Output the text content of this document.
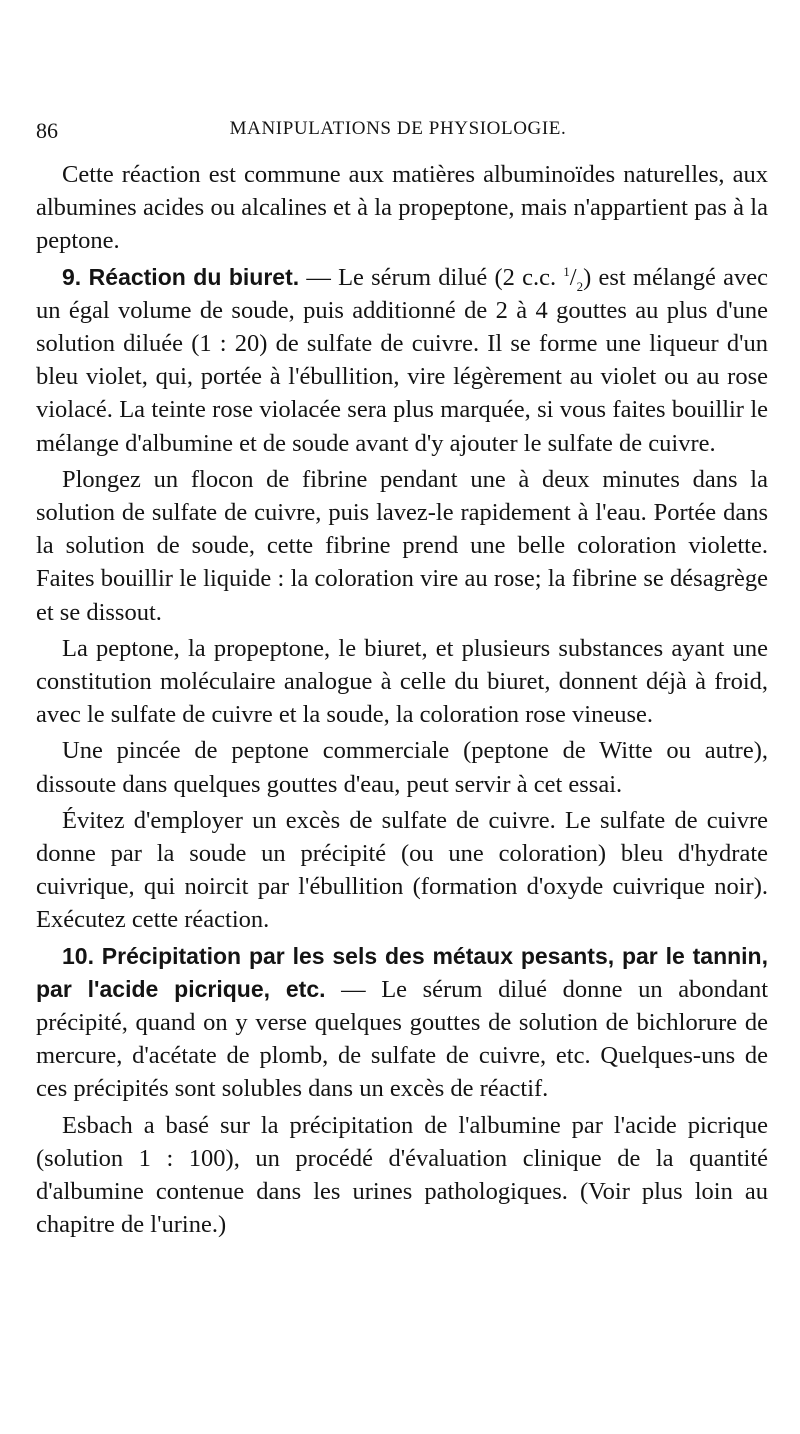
86	MANIPULATIONS DE PHYSIOLOGIE.

Cette réaction est commune aux matières albuminoïdes naturelles, aux albumines acides ou alcalines et à la propeptone, mais n'appartient pas à la peptone.

9. Réaction du biuret. — Le sérum dilué (2 c.c. $^1/_2$) est mélangé avec un égal volume de soude, puis additionné de 2 à 4 gouttes au plus d'une solution diluée (1 : 20) de sulfate de cuivre. Il se forme une liqueur d'un bleu violet, qui, portée à l'ébullition, vire légèrement au violet ou au rose violacé. La teinte rose violacée sera plus marquée, si vous faites bouillir le mélange d'albumine et de soude avant d'y ajouter le sulfate de cuivre.

Plongez un flocon de fibrine pendant une à deux minutes dans la solution de sulfate de cuivre, puis lavez-le rapidement à l'eau. Portée dans la solution de soude, cette fibrine prend une belle coloration violette. Faites bouillir le liquide : la coloration vire au rose; la fibrine se désagrège et se dissout.

La peptone, la propeptone, le biuret, et plusieurs substances ayant une constitution moléculaire analogue à celle du biuret, donnent déjà à froid, avec le sulfate de cuivre et la soude, la coloration rose vineuse.

Une pincée de peptone commerciale (peptone de Witte ou autre), dissoute dans quelques gouttes d'eau, peut servir à cet essai.

Évitez d'employer un excès de sulfate de cuivre. Le sulfate de cuivre donne par la soude un précipité (ou une coloration) bleu d'hydrate cuivrique, qui noircit par l'ébullition (formation d'oxyde cuivrique noir). Exécutez cette réaction.

10. Précipitation par les sels des métaux pesants, par le tannin, par l'acide picrique, etc. — Le sérum dilué donne un abondant précipité, quand on y verse quelques gouttes de solution de bichlorure de mercure, d'acétate de plomb, de sulfate de cuivre, etc. Quelques-uns de ces précipités sont solubles dans un excès de réactif.

Esbach a basé sur la précipitation de l'albumine par l'acide picrique (solution 1 : 100), un procédé d'évaluation clinique de la quantité d'albumine contenue dans les urines pathologiques. (Voir plus loin au chapitre de l'urine.)
